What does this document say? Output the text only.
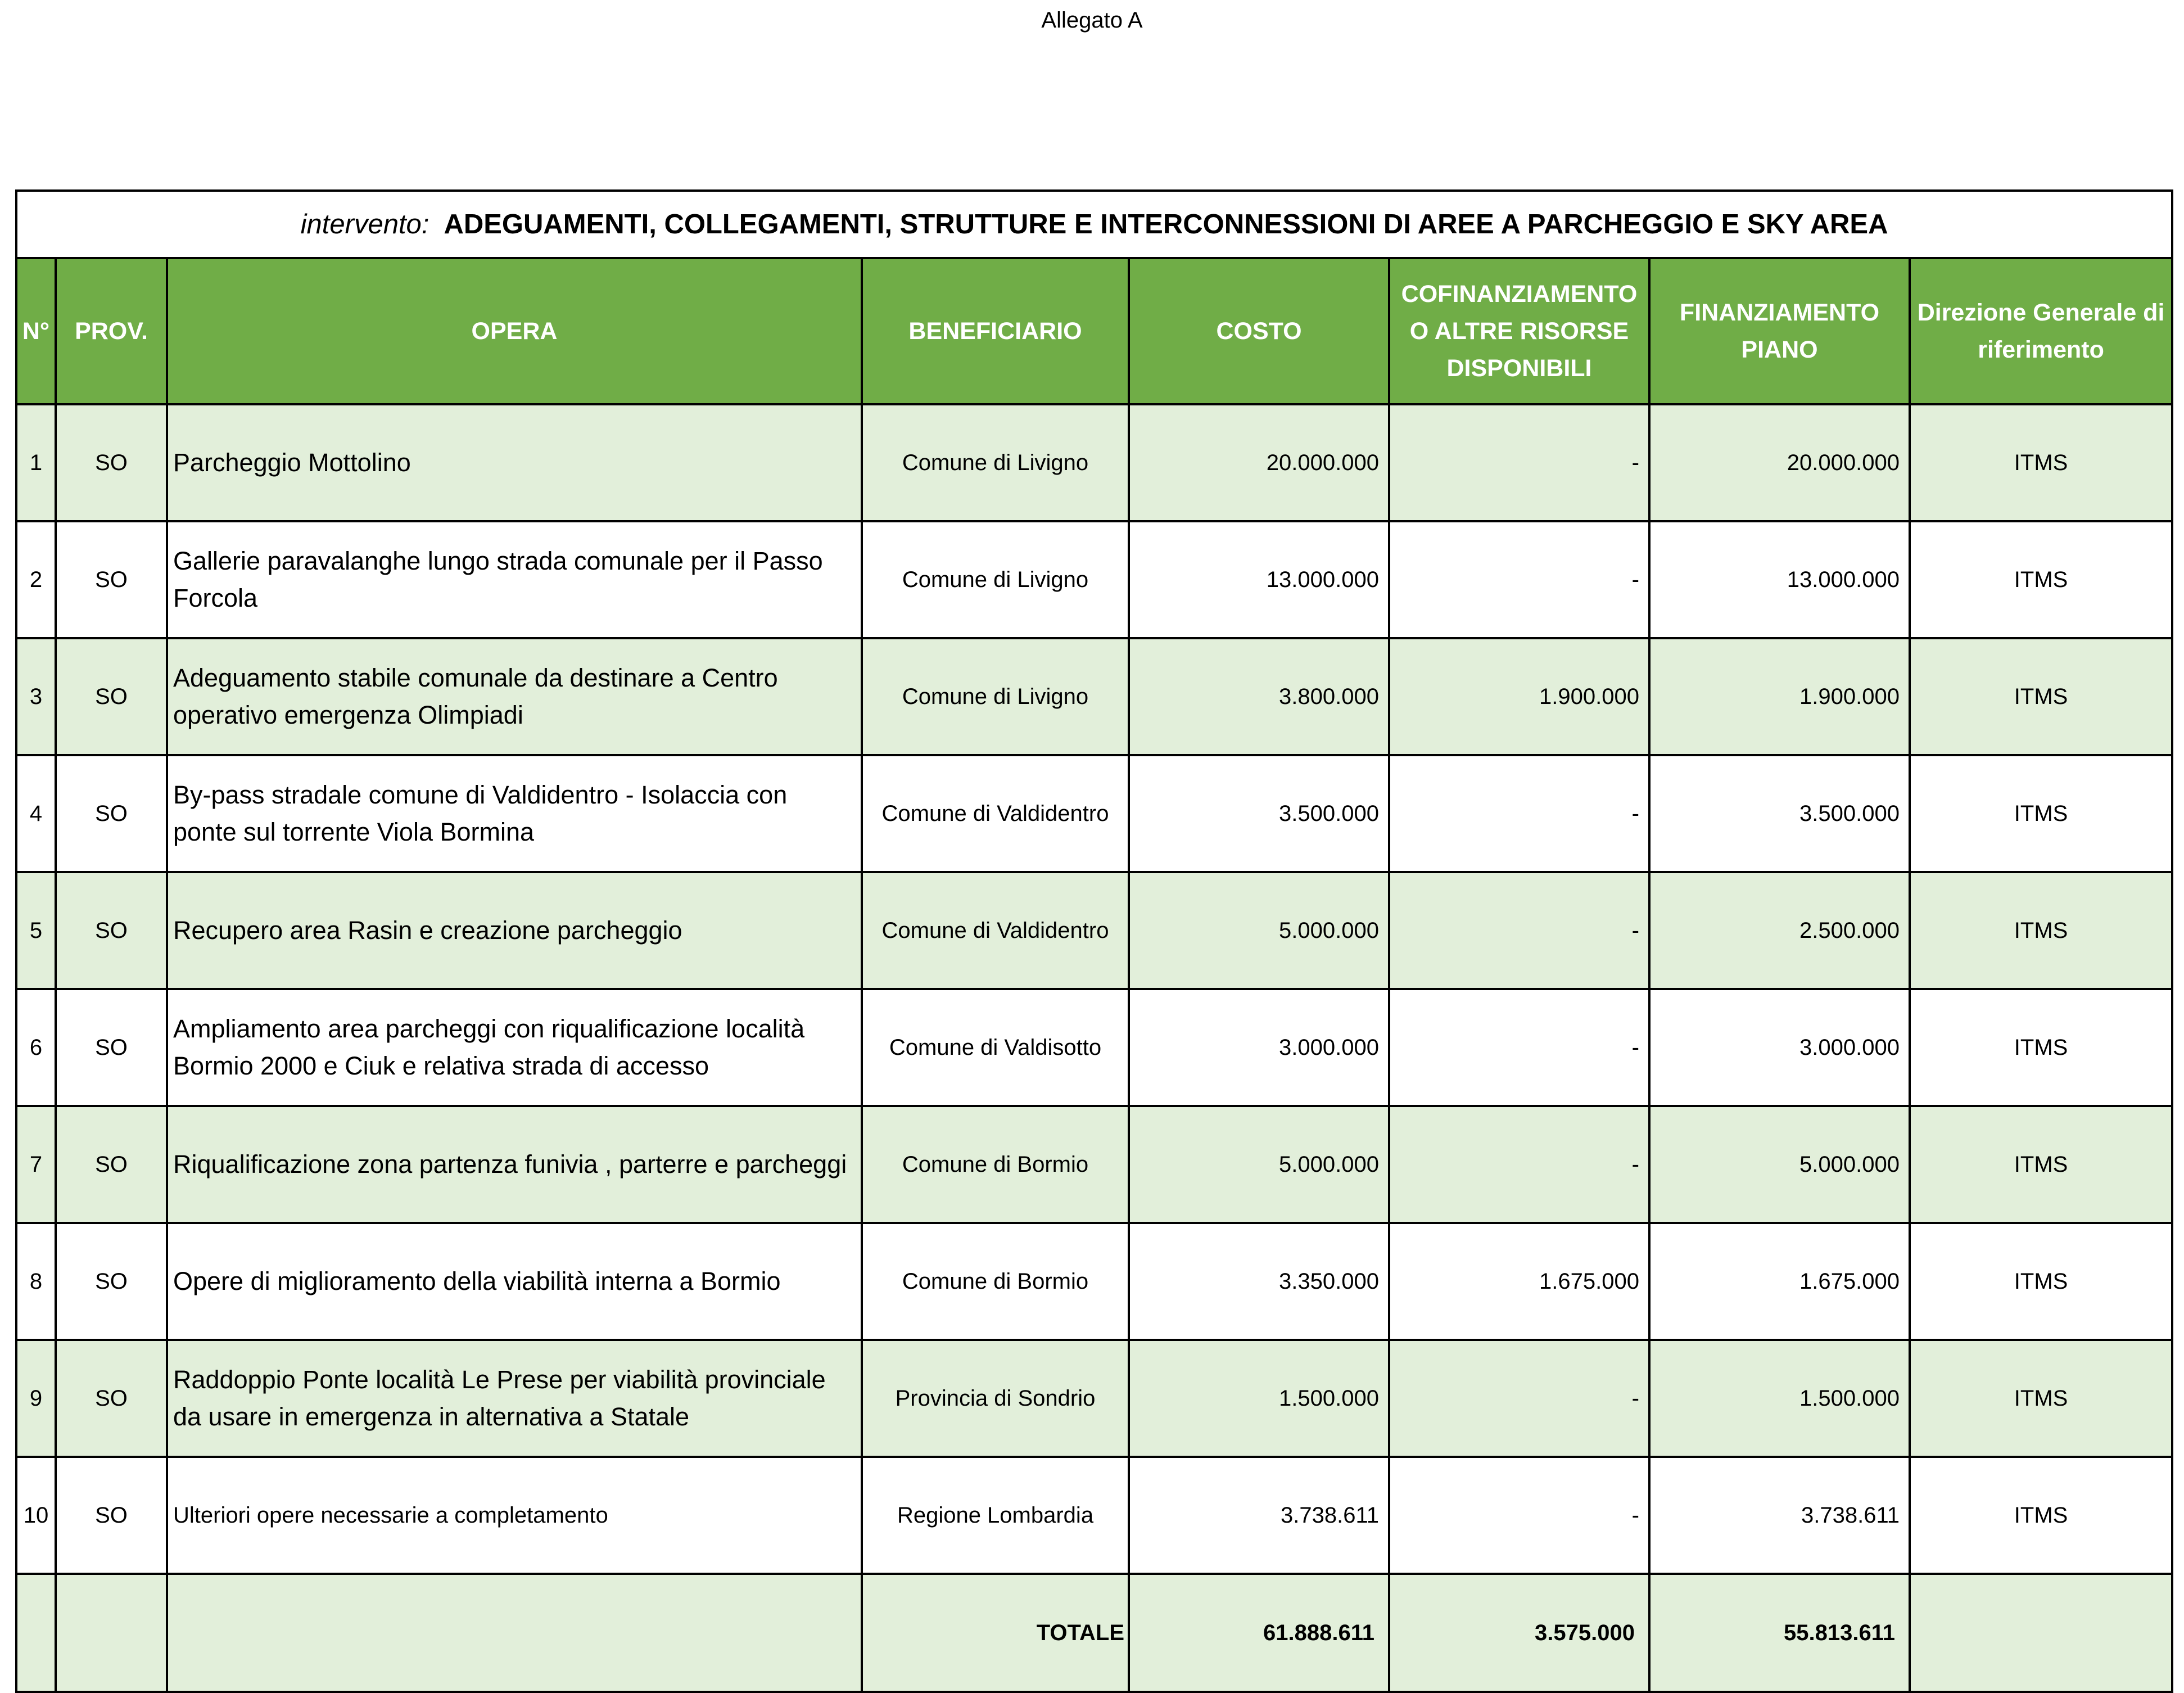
Allegato A
intervento: ADEGUAMENTI, COLLEGAMENTI, STRUTTURE E INTERCONNESSIONI DI AREE A PARCHEGGIO E SKY AREA							
N°	PROV.	OPERA	BENEFICIARIO	COSTO	COFINANZIAMENTO O ALTRE RISORSE DISPONIBILI	FINANZIAMENTO PIANO	Direzione Generale di riferimento
1	SO	Parcheggio Mottolino	Comune di Livigno	20.000.000	-	20.000.000	ITMS
2	SO	Gallerie paravalanghe lungo strada comunale per il Passo Forcola	Comune di Livigno	13.000.000	-	13.000.000	ITMS
3	SO	Adeguamento stabile comunale da destinare a Centro operativo emergenza Olimpiadi	Comune di Livigno	3.800.000	1.900.000	1.900.000	ITMS
4	SO	By-pass stradale comune di Valdidentro - Isolaccia con ponte sul torrente Viola Bormina	Comune di Valdidentro	3.500.000	-	3.500.000	ITMS
5	SO	Recupero area Rasin e creazione parcheggio	Comune di Valdidentro	5.000.000	-	2.500.000	ITMS
6	SO	Ampliamento area parcheggi con riqualificazione località Bormio 2000 e Ciuk e relativa strada di accesso	Comune di Valdisotto	3.000.000	-	3.000.000	ITMS
7	SO	Riqualificazione zona partenza funivia , parterre e parcheggi	Comune di Bormio	5.000.000	-	5.000.000	ITMS
8	SO	Opere di miglioramento della viabilità interna a Bormio	Comune di Bormio	3.350.000	1.675.000	1.675.000	ITMS
9	SO	Raddoppio Ponte località Le Prese per viabilità provinciale da usare in emergenza in alternativa a Statale	Provincia di Sondrio	1.500.000	-	1.500.000	ITMS
10	SO	Ulteriori opere necessarie a completamento	Regione Lombardia	3.738.611	-	3.738.611	ITMS
			TOTALE	61.888.611	3.575.000	55.813.611	
